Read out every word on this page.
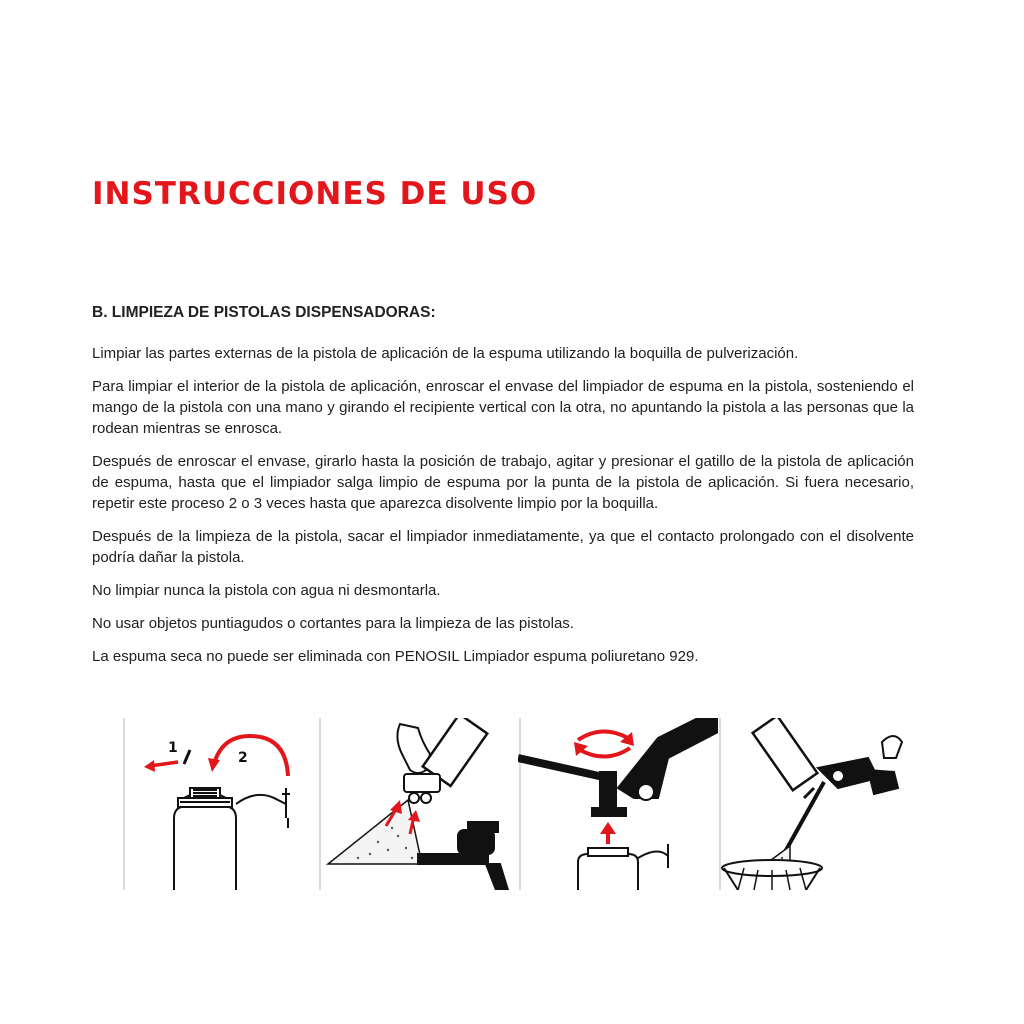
INSTRUCCIONES DE USO

B. LIMPIEZA DE PISTOLAS DISPENSADORAS:

Limpiar las partes externas de la pistola de aplicación de la espuma utilizando la boquilla de pulverización.

Para limpiar el interior de la pistola de aplicación, enroscar el envase del limpiador de espuma en la pistola, sosteniendo el mango de la pistola con una mano y girando el recipiente vertical con la otra, no apuntando la pistola a las personas que la rodean mientras se enrosca.

Después de enroscar el envase, girarlo hasta la posición de trabajo, agitar y presionar el gatillo de la pistola de aplicación de espuma, hasta que el limpiador salga limpio de espuma por la punta de la pistola de aplicación. Si fuera necesario, repetir este proceso 2 o 3 veces hasta que aparezca disolvente limpio por la boquilla.

Después de la limpieza de la pistola, sacar el limpiador inmediatamente, ya que el contacto prolongado con el disolvente podría dañar la pistola.

No limpiar nunca la pistola con agua ni desmontarla.

No usar objetos puntiagudos o cortantes para la limpieza de las pistolas.

La espuma seca no puede ser eliminada con PENOSIL Limpiador espuma poliuretano 929.

1
2
